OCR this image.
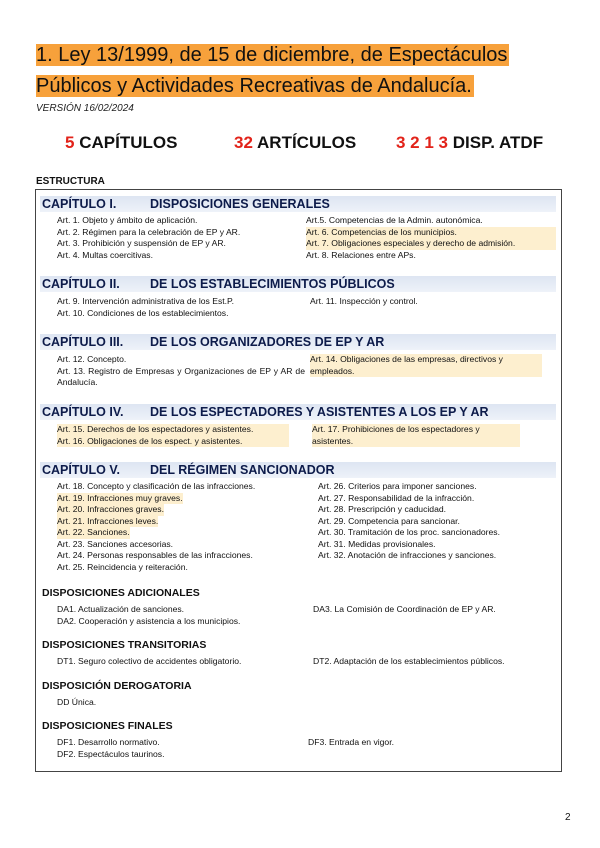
1. Ley 13/1999, de 15 de diciembre, de Espectáculos Públicos y Actividades Recreativas de Andalucía.
VERSIÓN 16/02/2024
5 CAPÍTULOS	32 ARTÍCULOS 3 2 1 3 DISP. ATDF
ESTRUCTURA
CAPÍTULO I.	DISPOSICIONES GENERALES
Art. 1. Objeto y ámbito de aplicación.
Art. 2. Régimen para la celebración de EP y AR.
Art. 3. Prohibición y suspensión de EP y AR.
Art. 4. Multas coercitivas.
Art.5. Competencias de la Admin. autonómica.
Art. 6. Competencias de los municipios.
Art. 7. Obligaciones especiales y derecho de admisión.
Art. 8. Relaciones entre APs.
CAPÍTULO II. DE LOS ESTABLECIMIENTOS PÚBLICOS
Art. 9. Intervención administrativa de los Est.P.
Art. 10. Condiciones de los establecimientos.
Art. 11. Inspección y control.
CAPÍTULO III. DE LOS ORGANIZADORES DE EP Y AR
Art. 12. Concepto.
Art. 13. Registro de Empresas y Organizaciones de EP y AR de Andalucía.
Art. 14. Obligaciones de las empresas, directivos y empleados.
CAPÍTULO IV. DE LOS ESPECTADORES Y ASISTENTES A LOS EP Y AR
Art. 15. Derechos de los espectadores y asistentes.
Art. 16. Obligaciones de los espect. y asistentes.
Art. 17. Prohibiciones de los espectadores y asistentes.
CAPÍTULO V. DEL RÉGIMEN SANCIONADOR
Art. 18. Concepto y clasificación de las infracciones.
Art. 19. Infracciones muy graves.
Art. 20. Infracciones graves.
Art. 21. Infracciones leves.
Art. 22. Sanciones.
Art. 23. Sanciones accesorias.
Art. 24. Personas responsables de las infracciones.
Art. 25. Reincidencia y reiteración.
Art. 26. Criterios para imponer sanciones.
Art. 27. Responsabilidad de la infracción.
Art. 28. Prescripción y caducidad.
Art. 29. Competencia para sancionar.
Art. 30. Tramitación de los proc. sancionadores.
Art. 31. Medidas provisionales.
Art. 32. Anotación de infracciones y sanciones.
DISPOSICIONES ADICIONALES
DA1. Actualización de sanciones.
DA2. Cooperación y asistencia a los municipios.
DA3. La Comisión de Coordinación de EP y AR.
DISPOSICIONES TRANSITORIAS
DT1. Seguro colectivo de accidentes obligatorio.	DT2. Adaptación de los establecimientos públicos.
DISPOSICIÓN DEROGATORIA
DD Única.
DISPOSICIONES FINALES
DF1. Desarrollo normativo.
DF2. Espectáculos taurinos.
DF3. Entrada en vigor.
2
